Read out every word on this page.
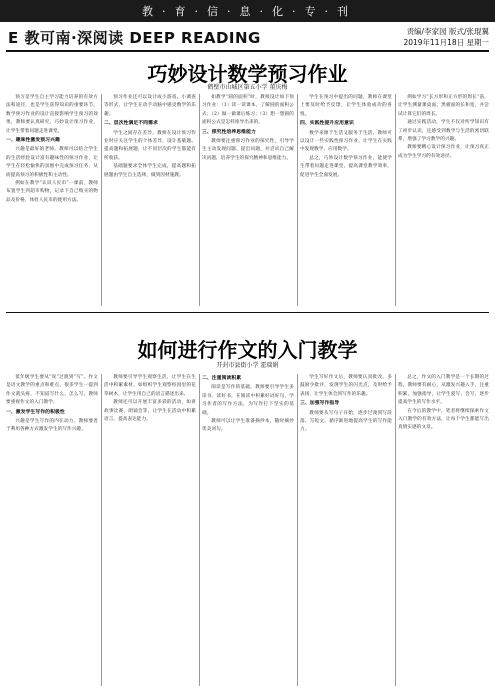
教 · 育 · 信 · 息 · 化 · 专 · 刊
E 教可南·深阅读 DEEP READING	责编/李家园 版式/张琨翼
2019年11月18日 星期一
巧妙设计数学预习作业
鹤壁市山城区第五小学 董庆梅

预习是学生自主学习能力培养的有效方法和途径，也是学生获得知识的重要环节。数学预习作业的设计直接影响学生预习的效果，教师要认真研究，巧妙设计预习作业，让学生带着问题走进课堂。

一、趣味性激发预习兴趣

兴趣是最好的老师。教师可以结合学生的生活经验设计富有趣味性的预习作业，让学生在轻松愉快的氛围中完成预习任务，从而提高预习的积极性和主动性。

例如在教学“认识人民币”一课前，教师布置学生到超市购物，记录下自己购买的物品及价格，体验人民币的使用方法。

预习作业还可以设计成小游戏、小调查等形式，让学生在动手动脑中感受数学的乐趣。

二、层次性满足不同需求

学生之间存在差异，教师在设计预习作业时应关注学生的个体差异，设计基础题、提高题和拓展题，让不同层次的学生都能有所收获。

基础题要求全体学生完成，提高题和拓展题由学生自主选择，做到因材施教。

如教学“圆的面积”时，教师设计如下预习作业：（1）读一读课本，了解圆的面积公式；（2）做一做课后练习；（3）想一想圆的面积公式是怎样推导出来的。

三、探究性培养思维能力

教师要注重预习作业的探究性，引导学生主动发现问题、提出问题，并尝试自己解决问题，培养学生的探究精神和思维能力。

学生在预习中提出的问题，教师在课堂上要及时给予反馈，让学生体验成功的喜悦。

四、实践性提升应用意识

数学来源于生活又服务于生活。教师可以设计一些实践性预习作业，让学生在实践中发现数学、应用数学。

总之，巧妙设计数学预习作业，能使学生带着问题走进课堂，提高课堂教学效率，促进学生全面发展。

例如学习“长方形和正方形的周长”前，让学生测量课桌面、黑板面的长和宽，并尝试计算它们的周长。

通过实践活动，学生不仅对所学知识有了初步认识，还感受到数学与生活的密切联系，增强了学习数学的兴趣。

教师要精心设计预习作业，让预习真正成为学生学习的有效途径。

如何进行作文的入门教学
开封市县街小学 霍瑞娟

低年级学生要从“说”过渡到“写”。作文是语文教学的重点和难点，很多学生一提到作文就头疼，不知道写什么，怎么写。教师要重视作文的入门教学。

一、激发学生写作的积极性

兴趣是学生写作的内在动力。教师要善于利用各种方式激发学生的写作兴趣。

教师要引导学生观察生活，让学生在生活中积累素材。如组织学生观察校园里的花草树木，让学生用自己的语言描述出来。

教师还可以开展丰富多彩的活动，如讲故事比赛、朗诵会等，让学生在活动中积累语言，提高表达能力。

二、注重阅读积累

阅读是写作的基础。教师要引导学生多读书、读好书，在阅读中积累好词好句，学习作者的写作方法，为写作打下坚实的基础。

教师可以让学生准备摘抄本，随时摘抄优美词句。

学生写好作文后，教师要认真批改，多鼓励少批评，发现学生的闪光点，及时给予表扬，让学生体会到写作的乐趣。

三、加强写作指导

教师要从写句子开始，逐步过渡到写段落、写短文，循序渐进地提高学生的写作能力。

总之，作文的入门教学是一个长期的过程，教师要有耐心，从激发兴趣入手，注重积累，加强指导，让学生爱写、会写，逐步提高学生的写作水平。

在今后的教学中，笔者将继续探索作文入门教学的有效方法，让每个学生都能写出真情实感的文章。
